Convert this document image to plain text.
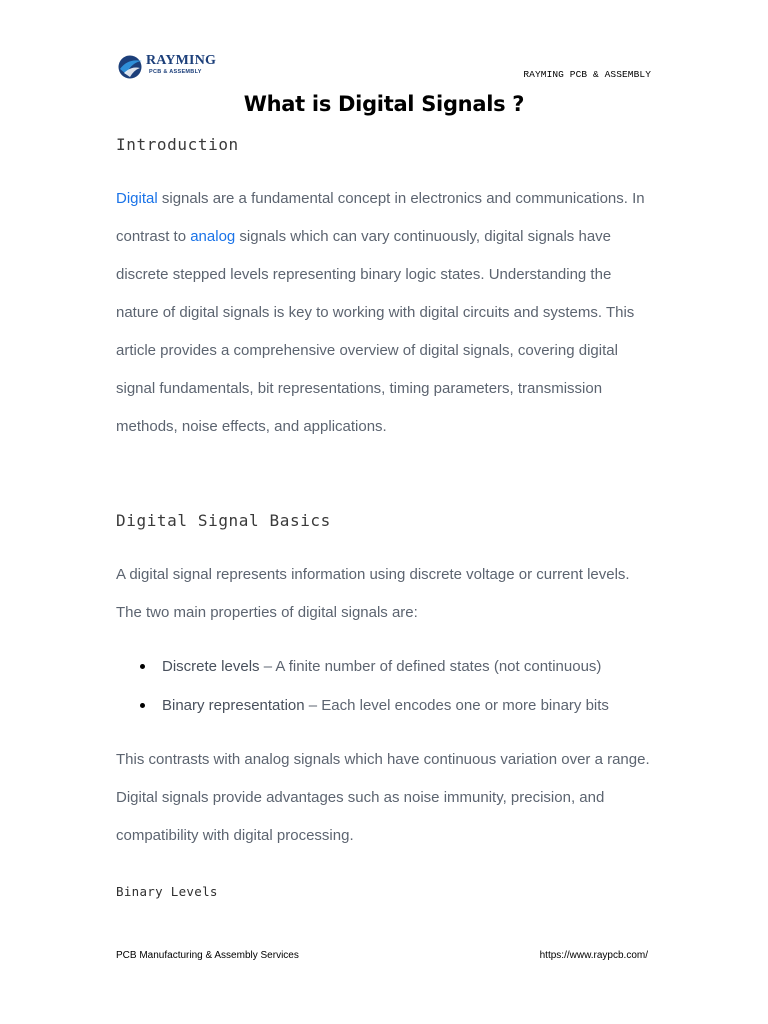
RAYMING
PCB & ASSEMBLY	RAYMING PCB & ASSEMBLY
What is Digital Signals ?
Introduction

Digital signals are a fundamental concept in electronics and communications. In contrast to analog signals which can vary continuously, digital signals have discrete stepped levels representing binary logic states. Understanding the nature of digital signals is key to working with digital circuits and systems. This article provides a comprehensive overview of digital signals, covering digital signal fundamentals, bit representations, timing parameters, transmission methods, noise effects, and applications.

Digital Signal Basics

A digital signal represents information using discrete voltage or current levels. The two main properties of digital signals are:

Discrete levels – A finite number of defined states (not continuous)
Binary representation – Each level encodes one or more binary bits

This contrasts with analog signals which have continuous variation over a range. Digital signals provide advantages such as noise immunity, precision, and compatibility with digital processing.

Binary Levels
PCB Manufacturing & Assembly Services	https://www.raypcb.com/
